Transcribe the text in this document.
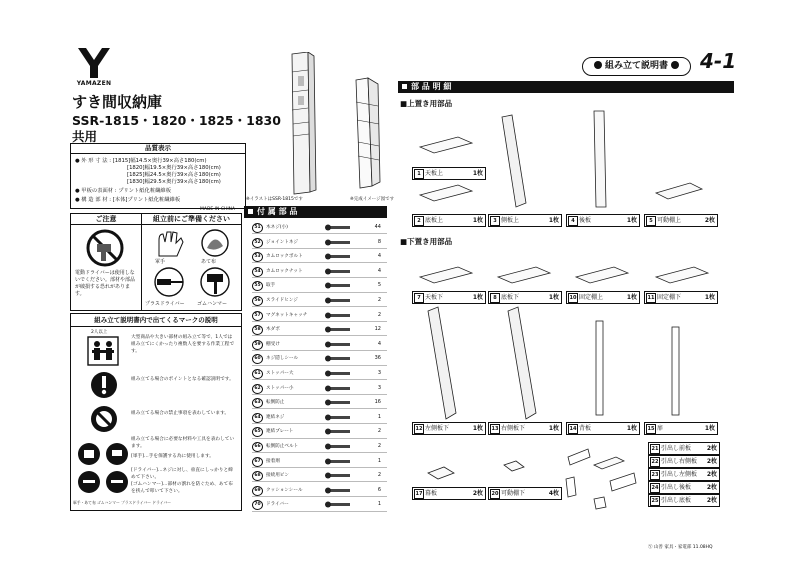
YAMAZEN
すき間収納庫
SSR-1815・1820・1825・1830
共用
組み立て説明書	4-1
※イラストはSSR-1815です	※完成イメージ図です
品質表示
● 外 形 寸 法 : [1815]幅14.5×奥行39×高さ180(cm)
[1820]幅19.5×奥行39×高さ180(cm)
[1825]幅24.5×奥行39×高さ180(cm)
[1830]幅29.5×奥行39×高さ180(cm)
● 甲板の表面材 : プリント紙化粧繊維板
● 構 造 部 材 : [本体]プリント紙化粧繊維板
MADE IN CHINA
ご注意	組立前にご準備ください
電動ドライバーは使用しないでください。部材や部品が破損する恐れがあります。
軍手	あて布
プラスドライバー ゴムハンマー
組み立て説明書内で出てくるマークの説明
2人以上
大型商品や大きい部材の組み立て等で、1人では組み立てにくかったり複数人を要する作業工程です。
組み立てる場合のポイントとなる確認説明です。
組み立てる場合の禁止事項を表わしています。
組み立てる場合に必要な材料や工具を表わしています。
[軍手]…手を保護する為に使用します。
[ドライバー]…ネジに対し、垂直にしっかりと締めて下さい。
[ゴムハンマー]…部材の割れを防ぐため、あて布を挟んで叩いて下さい。
軍手・あて布 ゴムハンマー プラスドライバー ドライバー
付 属 部 品
51	木ネジ(小)	44
52	ジョイントネジ	8
53	カムロックボルト	4
54	カムロックナット	4
55	取手	5
56	スライドヒンジ	2
57	マグネットキャッチ	2
58	木ダボ	12
59	棚受け	4
60	ネジ隠しシール	36
61	ストッパー大	3
62	ストッパー小	3
63	転倒防止	16
64	連結ネジ	1
65	連結プレート	2
66	転倒防止ベルト	2
67	接着剤	1
68	接続用ピン	2
69	クッションシール	6
70	ドライバー	1
部 品 明 細
■上置き用部品
■下置き用部品
1 天板上	1枚
2 底板上	1枚	3 側板上	1枚	4 後板	1枚	5 可動棚上	2枚
7 天板下	1枚	8 底板下	1枚	10 固定棚上	1枚	11 固定棚下	1枚
12 左側板下	1枚	13 右側板下	1枚	14 背板	1枚	15 扉	1枚
17 幕板	2枚	20 可動棚下	4枚
21 引出し前板	2枚
22 引出し右側板 2枚
23 引出し左側板 2枚
24 引出し後板	2枚
25 引出し底板	2枚
Ⓨ 山善 家具・家電部 11.08HQ
